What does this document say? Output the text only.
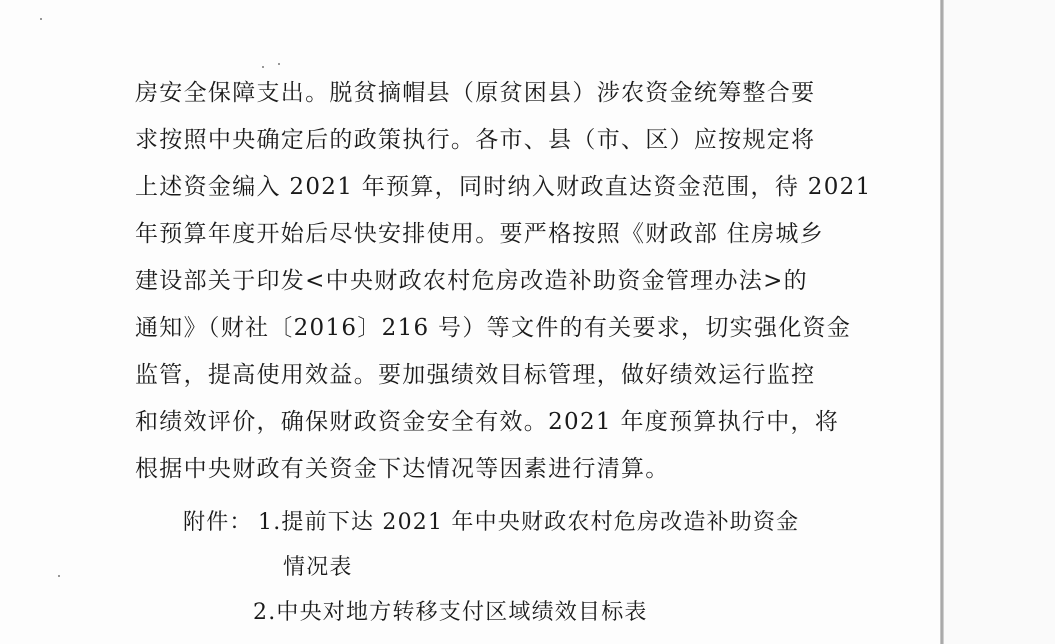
房安全保障支出。脱贫摘帽县（原贫困县）涉农资金统筹整合要
求按照中央确定后的政策执行。各市、县（市、区）应按规定将
上述资金编入 2021 年预算，同时纳入财政直达资金范围，待 2021
年预算年度开始后尽快安排使用。要严格按照《财政部 住房城乡
建设部关于印发<中央财政农村危房改造补助资金管理办法>的
通知》（财社〔2016〕216 号）等文件的有关要求，切实强化资金
监管，提高使用效益。要加强绩效目标管理，做好绩效运行监控
和绩效评价，确保财政资金安全有效。2021 年度预算执行中，将
根据中央财政有关资金下达情况等因素进行清算。
附件： 1.提前下达 2021 年中央财政农村危房改造补助资金
情况表
2.中央对地方转移支付区域绩效目标表
